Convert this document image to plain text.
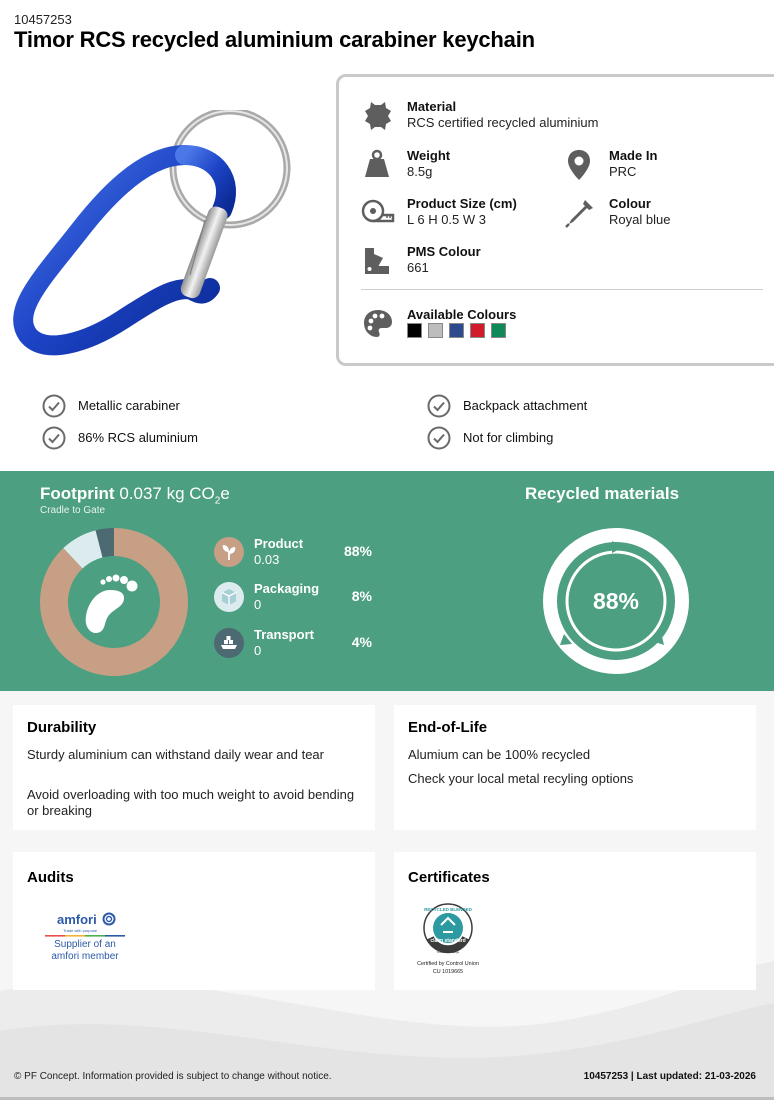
10457253
Timor RCS recycled aluminium carabiner keychain
Material
RCS certified recycled aluminium
Weight
8.5g
Made In
PRC
Product Size (cm)
L 6 H 0.5 W 3
Colour
Royal blue
PMS Colour
661
Available Colours
Metallic carabiner
86% RCS aluminium
Backpack attachment
Not for climbing
Footprint 0.037 kg $CO_2e$
Cradle to Gate
Product
0.03
88%
Packaging
0
8%
Transport
0
4%
Recycled materials
88%
Durability
Sturdy aluminium can withstand daily wear and tear
Avoid overloading with too much weight to avoid bending or breaking
End-of-Life
Alumium can be 100% recycled
Check your local metal recyling options
Audits
amfori
Trade with purpose
Supplier of an
amfori member
Certificates
RECYCLED BLENDED
claim standard
Textile Exchange
Certified by Control Union
CU 1019665
© PF Concept. Information provided is subject to change without notice.	10457253 | Last updated: 21-03-2026
